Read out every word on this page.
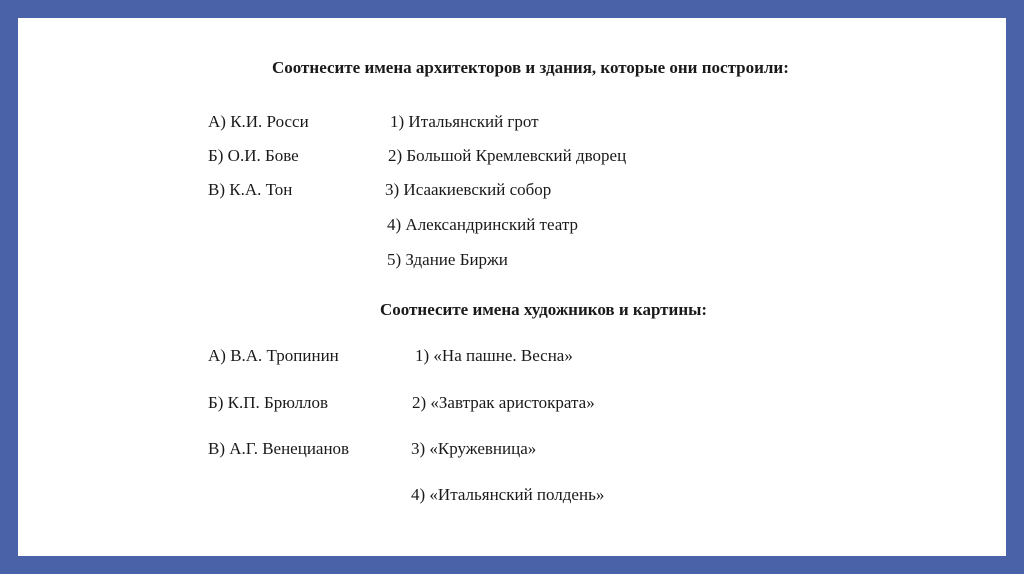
Соотнесите имена архитекторов и здания, которые они построили:
А) К.И. Росси
Б) О.И. Бове
В) К.А. Тон
1) Итальянский грот
2) Большой Кремлевский дворец
3) Исаакиевский собор
4) Александринский театр
5) Здание Биржи
Соотнесите имена художников и картины:
А) В.А. Тропинин
Б) К.П. Брюллов
В) А.Г. Венецианов
1) «На пашне. Весна»
2) «Завтрак аристократа»
3) «Кружевница»
4) «Итальянский полдень»
